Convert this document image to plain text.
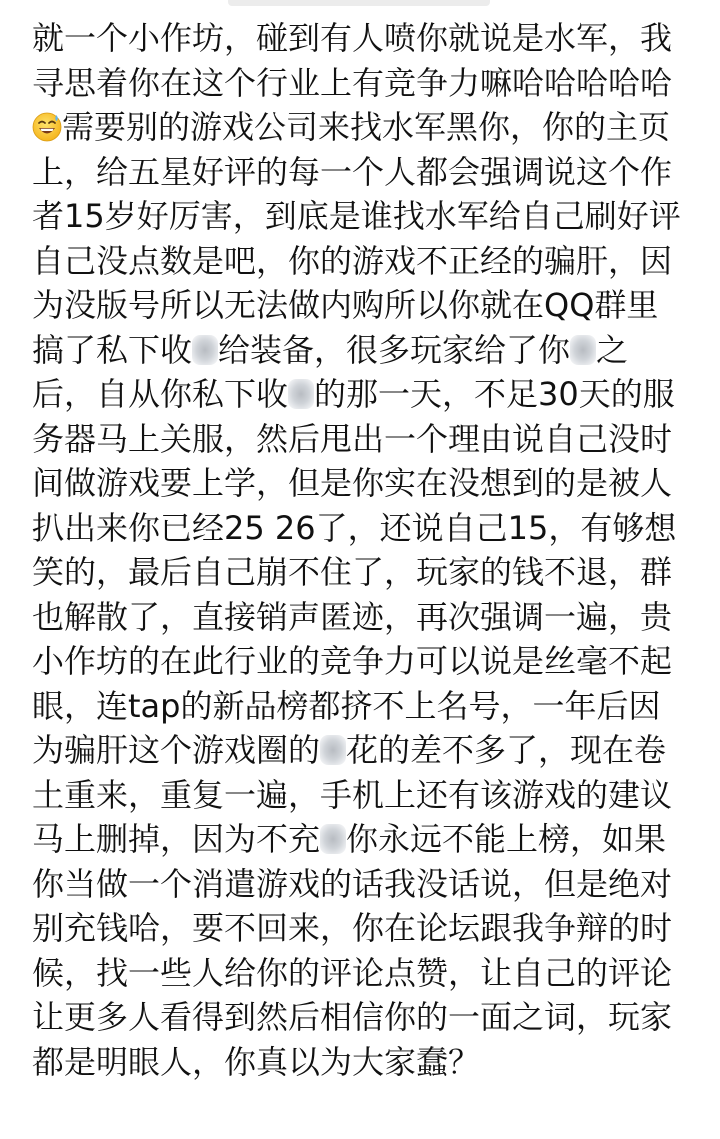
就一个小作坊，碰到有人喷你就说是水军，我
寻思着你在这个行业上有竞争力嘛哈哈哈哈哈

需要别的游戏公司来找水军黑你，你的主页
上，给五星好评的每一个人都会强调说这个作
者15岁好厉害，到底是谁找水军给自己刷好评
自己没点数是吧，你的游戏不正经的骗肝，因
为没版号所以无法做内购所以你就在QQ群里
搞了私下收 给装备，很多玩家给了你 之
后，自从你私下收 的那一天，不足30天的服
务器马上关服，然后甩出一个理由说自己没时
间做游戏要上学，但是你实在没想到的是被人
扒出来你已经25 26了，还说自己15，有够想
笑的，最后自己崩不住了，玩家的钱不退，群
也解散了，直接销声匿迹，再次强调一遍，贵
小作坊的在此行业的竞争力可以说是丝毫不起
眼，连tap的新品榜都挤不上名号，一年后因
为骗肝这个游戏圈的 花的差不多了，现在卷
土重来，重复一遍，手机上还有该游戏的建议
马上删掉，因为不充 你永远不能上榜，如果
你当做一个消遣游戏的话我没话说，但是绝对
别充钱哈，要不回来，你在论坛跟我争辩的时
候，找一些人给你的评论点赞，让自己的评论
让更多人看得到然后相信你的一面之词，玩家
都是明眼人，你真以为大家蠢？
